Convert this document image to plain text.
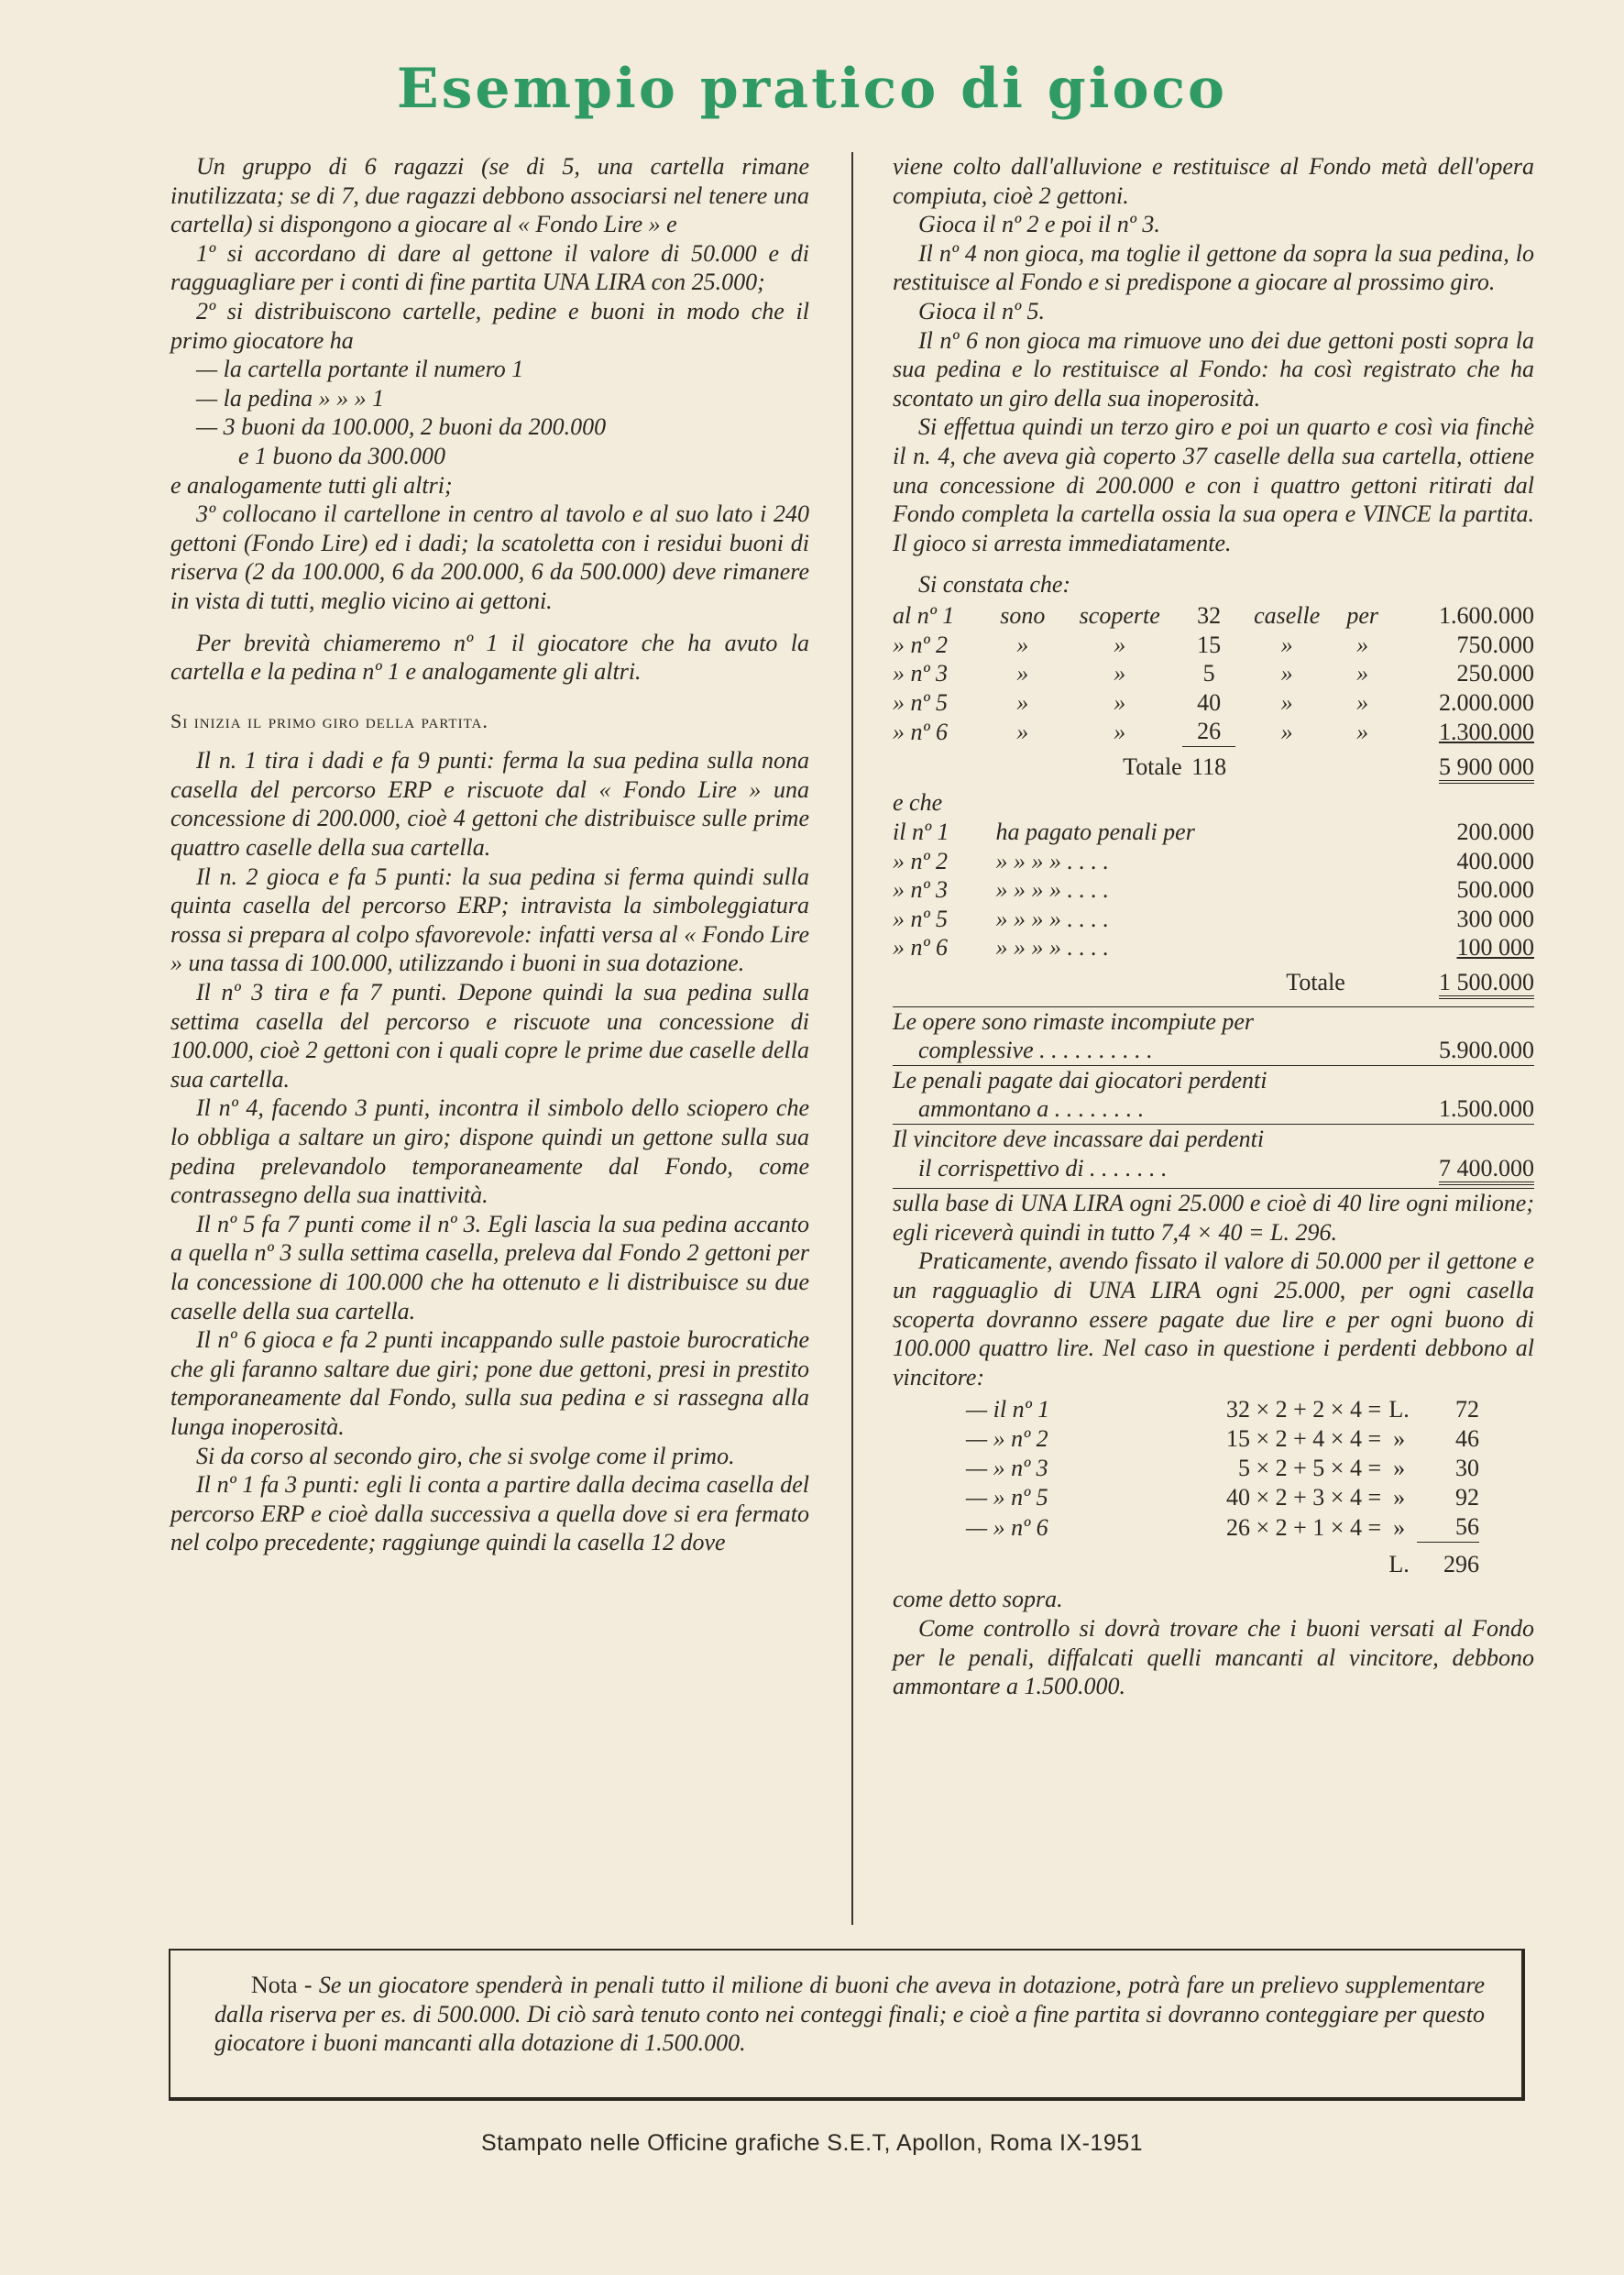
Esempio pratico di gioco

Un gruppo di 6 ragazzi (se di 5, una cartella rimane inutilizzata; se di 7, due ragazzi debbono associarsi nel tenere una cartella) si dispongono a giocare al « Fondo Lire » e

1º si accordano di dare al gettone il valore di 50.000 e di ragguagliare per i conti di fine partita UNA LIRA con 25.000;

2º si distribuiscono cartelle, pedine e buoni in modo che il primo giocatore ha

— la cartella portante il numero 1

— la pedina » » » 1

— 3 buoni da 100.000, 2 buoni da 200.000

e 1 buono da 300.000

e analogamente tutti gli altri;

3º collocano il cartellone in centro al tavolo e al suo lato i 240 gettoni (Fondo Lire) ed i dadi; la scatoletta con i residui buoni di riserva (2 da 100.000, 6 da 200.000, 6 da 500.000) deve rimanere in vista di tutti, meglio vicino ai gettoni.

Per brevità chiameremo nº 1 il giocatore che ha avuto la cartella e la pedina nº 1 e analogamente gli altri.

Si inizia il primo giro della partita.

Il n. 1 tira i dadi e fa 9 punti: ferma la sua pedina sulla nona casella del percorso ERP e riscuote dal « Fondo Lire » una concessione di 200.000, cioè 4 gettoni che distribuisce sulle prime quattro caselle della sua cartella.

Il n. 2 gioca e fa 5 punti: la sua pedina si ferma quindi sulla quinta casella del percorso ERP; intravista la simboleggiatura rossa si prepara al colpo sfavorevole: infatti versa al « Fondo Lire » una tassa di 100.000, utilizzando i buoni in sua dotazione.

Il nº 3 tira e fa 7 punti. Depone quindi la sua pedina sulla settima casella del percorso e riscuote una concessione di 100.000, cioè 2 gettoni con i quali copre le prime due caselle della sua cartella.

Il nº 4, facendo 3 punti, incontra il simbolo dello sciopero che lo obbliga a saltare un giro; dispone quindi un gettone sulla sua pedina prelevandolo temporaneamente dal Fondo, come contrassegno della sua inattività.

Il nº 5 fa 7 punti come il nº 3. Egli lascia la sua pedina accanto a quella nº 3 sulla settima casella, preleva dal Fondo 2 gettoni per la concessione di 100.000 che ha ottenuto e li distribuisce su due caselle della sua cartella.

Il nº 6 gioca e fa 2 punti incappando sulle pastoie burocratiche che gli faranno saltare due giri; pone due gettoni, presi in prestito temporaneamente dal Fondo, sulla sua pedina e si rassegna alla lunga inoperosità.

Si da corso al secondo giro, che si svolge come il primo.

Il nº 1 fa 3 punti: egli li conta a partire dalla decima casella del percorso ERP e cioè dalla successiva a quella dove si era fermato nel colpo precedente; raggiunge quindi la casella 12 dove

viene colto dall'alluvione e restituisce al Fondo metà dell'opera compiuta, cioè 2 gettoni.

Gioca il nº 2 e poi il nº 3.

Il nº 4 non gioca, ma toglie il gettone da sopra la sua pedina, lo restituisce al Fondo e si predispone a giocare al prossimo giro.

Gioca il nº 5.

Il nº 6 non gioca ma rimuove uno dei due gettoni posti sopra la sua pedina e lo restituisce al Fondo: ha così registrato che ha scontato un giro della sua inoperosità.

Si effettua quindi un terzo giro e poi un quarto e così via finchè il n. 4, che aveva già coperto 37 caselle della sua cartella, ottiene una concessione di 200.000 e con i quattro gettoni ritirati dal Fondo completa la cartella ossia la sua opera e VINCE la partita. Il gioco si arresta immediatamente.

Si constata che:

al nº 1	sono	scoperte	32	caselle	per	1.600.000
» nº 2	»	»	15	»	»	750.000
» nº 3	»	»	5	»	»	250.000
» nº 5	»	»	40	»	»	2.000.000
» nº 6	»	»	26	»	»	1.300.000
		Totale	118			5 900 000

e che

il nº 1	ha pagato penali per	200.000
» nº 2	» » » » . . . .	400.000
» nº 3	» » » » . . . .	500.000
» nº 5	» » » » . . . .	300 000
» nº 6	» » » » . . . .	100 000
	Totale	1 500.000
Le opere sono rimaste incompiute per	
complessive . . . . . . . . . .	5.900.000
Le penali pagate dai giocatori perdenti	
ammontano a . . . . . . . .	1.500.000
Il vincitore deve incassare dai perdenti	
il corrispettivo di . . . . . . .	7 400.000

sulla base di UNA LIRA ogni 25.000 e cioè di 40 lire ogni milione; egli riceverà quindi in tutto 7,4 × 40 = L. 296.

Praticamente, avendo fissato il valore di 50.000 per il gettone e un ragguaglio di UNA LIRA ogni 25.000, per ogni casella scoperta dovranno essere pagate due lire e per ogni buono di 100.000 quattro lire. Nel caso in questione i perdenti debbono al vincitore:

— il nº 1	32 × 2 + 2 × 4 =	L.	72
— » nº 2	15 × 2 + 4 × 4 =	»	46
— » nº 3	5 × 2 + 5 × 4 =	»	30
— » nº 5	40 × 2 + 3 × 4 =	»	92
— » nº 6	26 × 2 + 1 × 4 =	»	56
		L.	296

come detto sopra.

Come controllo si dovrà trovare che i buoni versati al Fondo per le penali, diffalcati quelli mancanti al vincitore, debbono ammontare a 1.500.000.

Nota - Se un giocatore spenderà in penali tutto il milione di buoni che aveva in dotazione, potrà fare un prelievo supplementare dalla riserva per es. di 500.000. Di ciò sarà tenuto conto nei conteggi finali; e cioè a fine partita si dovranno conteggiare per questo giocatore i buoni mancanti alla dotazione di 1.500.000.
Stampato nelle Officine grafiche S.E.T, Apollon, Roma IX-1951
